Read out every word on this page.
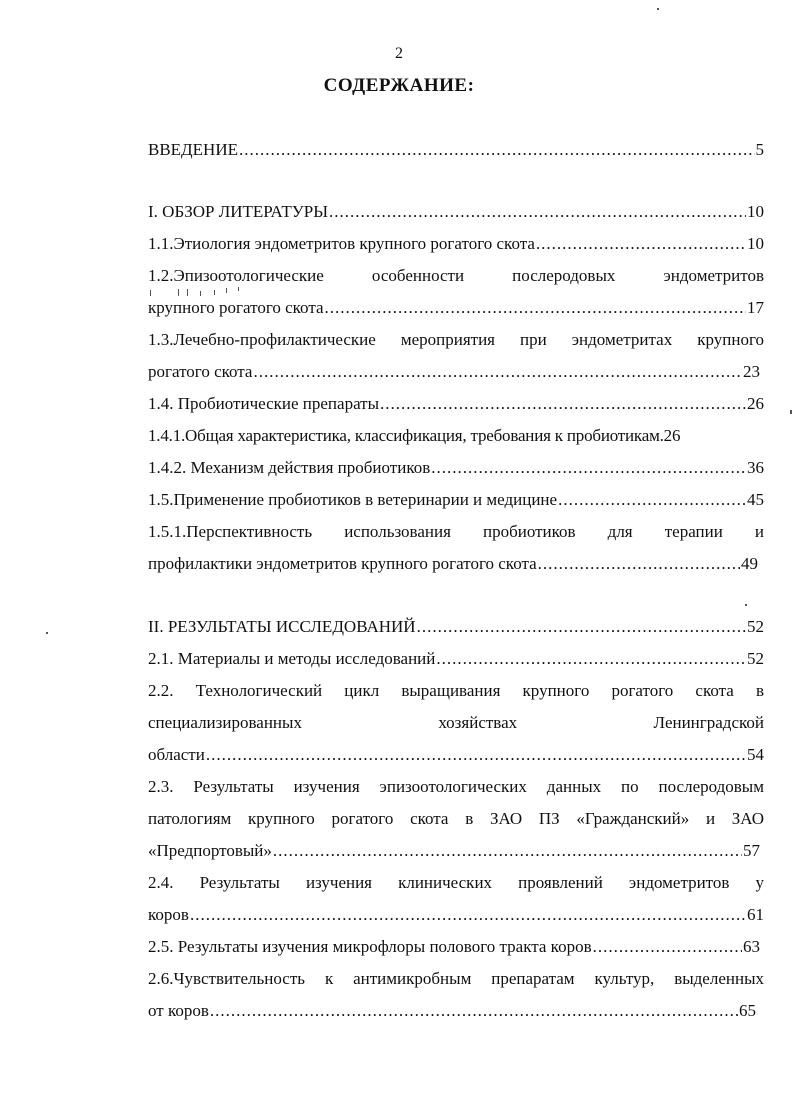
2
СОДЕРЖАНИЕ:
ВВЕДЕНИЕ .....	5
I. ОБЗОР ЛИТЕРАТУРЫ .....	10
1.1.Этиология эндометритов крупного рогатого скота .....	10
1.2.Эпизоотологические особенности послеродовых эндометритов
крупного рогатого скота .....	17
1.3.Лечебно-профилактические мероприятия при эндометритах крупного
рогатого скота .....	23
1.4. Пробиотические препараты .....	26
1.4.1.Общая характеристика, классификация, требования к пробиотикам.26
1.4.2. Механизм действия пробиотиков .....	36
1.5.Применение пробиотиков в ветеринарии и медицине .....	45
1.5.1.Перспективность использования пробиотиков для терапии и
профилактики эндометритов крупного рогатого скота .....	49
II. РЕЗУЛЬТАТЫ ИССЛЕДОВАНИЙ .....	52
2.1. Материалы и методы исследований .....	52
2.2. Технологический цикл выращивания крупного рогатого скота в
специализированных хозяйствах Ленинградской
области .....	54
2.3. Результаты изучения эпизоотологических данных по послеродовым
патологиям крупного рогатого скота в ЗАО ПЗ «Гражданский» и ЗАО
«Предпортовый» .....	57
2.4. Результаты изучения клинических проявлений эндометритов у
коров .....	61
2.5. Результаты изучения микрофлоры полового тракта коров .....	63
2.6.Чувствительность к антимикробным препаратам культур, выделенных
от коров .....	65
